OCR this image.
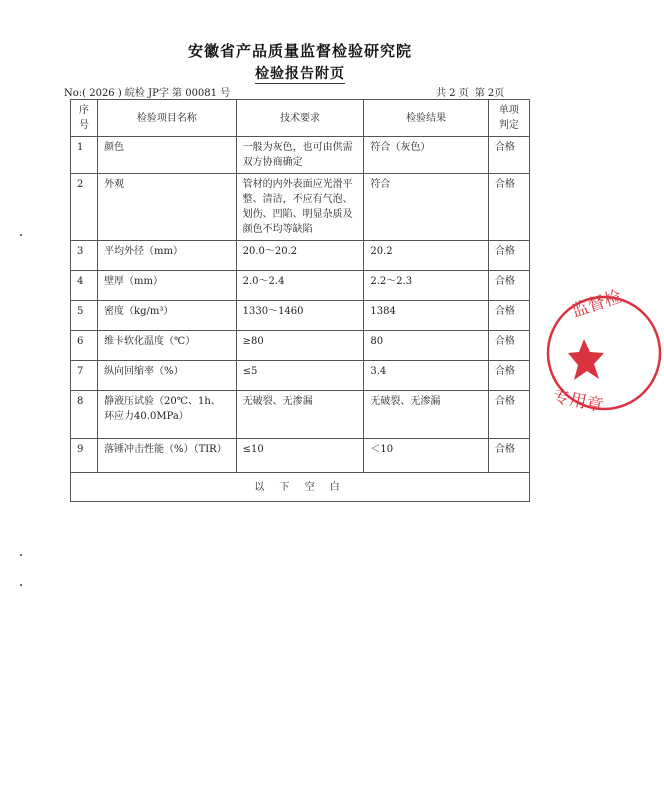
安徽省产品质量监督检验研究院
检验报告附页
No:( 2026 ) 皖检 JP字 第 00081 号	共 2 页 第 2页
序号	检验项目名称	技术要求	检验结果	单项判定
1	颜色	一般为灰色，也可由供需双方协商确定	符合（灰色）	合格
2	外观	管材的内外表面应光滑平整、清洁，不应有气泡、划伤、凹陷、明显杂质及颜色不均等缺陷	符合	合格
3	平均外径（mm）	20.0～20.2	20.2	合格
4	壁厚（mm）	2.0～2.4	2.2～2.3	合格
5	密度（kg/m³）	1330～1460	1384	合格
6	维卡软化温度（℃）	≥80	80	合格
7	纵向回缩率（%）	≤5	3.4	合格
8	静液压试验（20℃、1h、环应力40.0MPa）	无破裂、无渗漏	无破裂、无渗漏	合格
9	落锤冲击性能（%）（TIR）	≤10	＜10	合格
以 下 空 白				
监督检
专用章
